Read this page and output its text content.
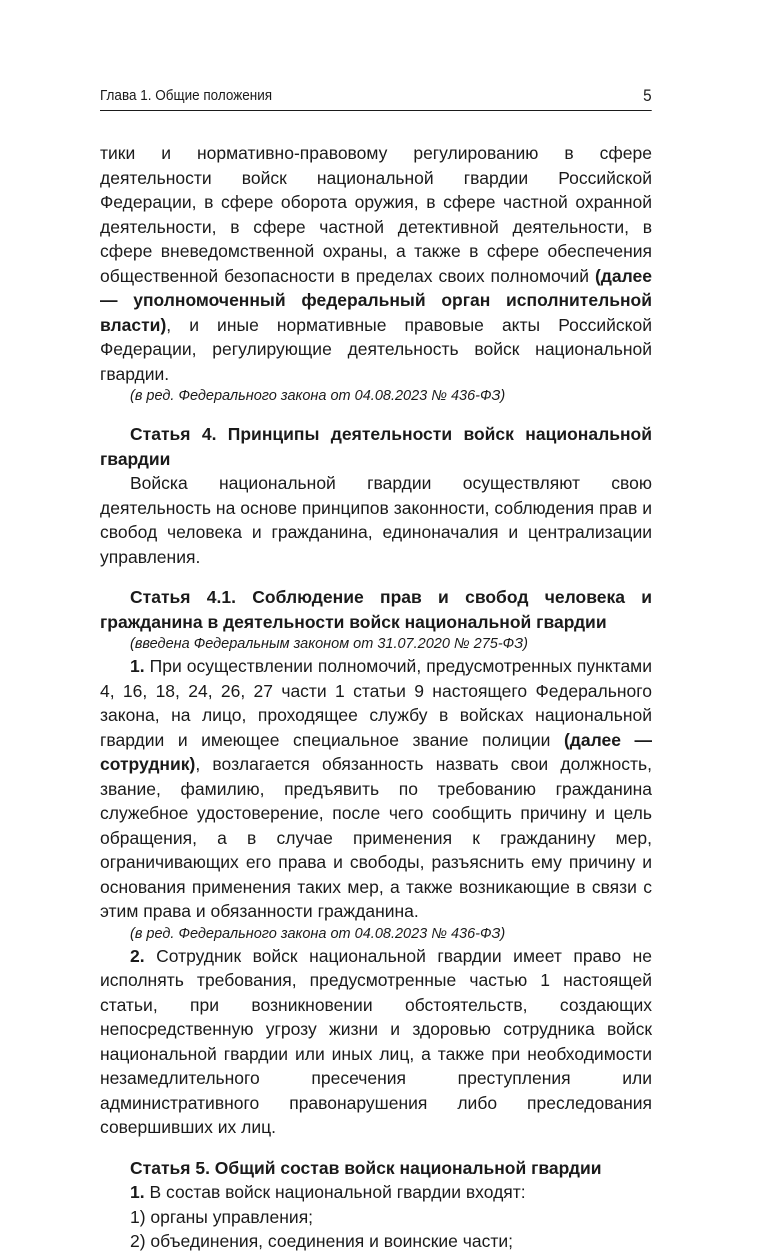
Глава 1. Общие положения	5

тики и нормативно-правовому регулированию в сфере деятельности войск национальной гвардии Российской Федерации, в сфере оборота оружия, в сфере частной охранной деятельности, в сфере частной детективной деятельности, в сфере вневедомственной охраны, а также в сфере обеспечения общественной безопасности в пределах своих полномочий (далее — уполномоченный федеральный орган исполнительной власти), и иные нормативные правовые акты Российской Федерации, регулирующие деятельность войск национальной гвардии.

(в ред. Федерального закона от 04.08.2023 № 436-ФЗ)

Статья 4. Принципы деятельности войск национальной гвардии

Войска национальной гвардии осуществляют свою деятельность на основе принципов законности, соблюдения прав и свобод человека и гражданина, единоначалия и централизации управления.

Статья 4.1. Соблюдение прав и свобод человека и гражданина в деятельности войск национальной гвардии

(введена Федеральным законом от 31.07.2020 № 275-ФЗ)

1. При осуществлении полномочий, предусмотренных пунктами 4, 16, 18, 24, 26, 27 части 1 статьи 9 настоящего Федерального закона, на лицо, проходящее службу в войсках национальной гвардии и имеющее специальное звание полиции (далее — сотрудник), возлагается обязанность назвать свои должность, звание, фамилию, предъявить по требованию гражданина служебное удостоверение, после чего сообщить причину и цель обращения, а в случае применения к гражданину мер, ограничивающих его права и свободы, разъяснить ему причину и основания применения таких мер, а также возникающие в связи с этим права и обязанности гражданина.

(в ред. Федерального закона от 04.08.2023 № 436-ФЗ)

2. Сотрудник войск национальной гвардии имеет право не исполнять требования, предусмотренные частью 1 настоящей статьи, при возникновении обстоятельств, создающих непосредственную угрозу жизни и здоровью сотрудника войск национальной гвардии или иных лиц, а также при необходимости незамедлительного пресечения преступления или административного правонарушения либо преследования совершивших их лиц.

Статья 5. Общий состав войск национальной гвардии

1. В состав войск национальной гвардии входят:

1) органы управления;

2) объединения, соединения и воинские части;
